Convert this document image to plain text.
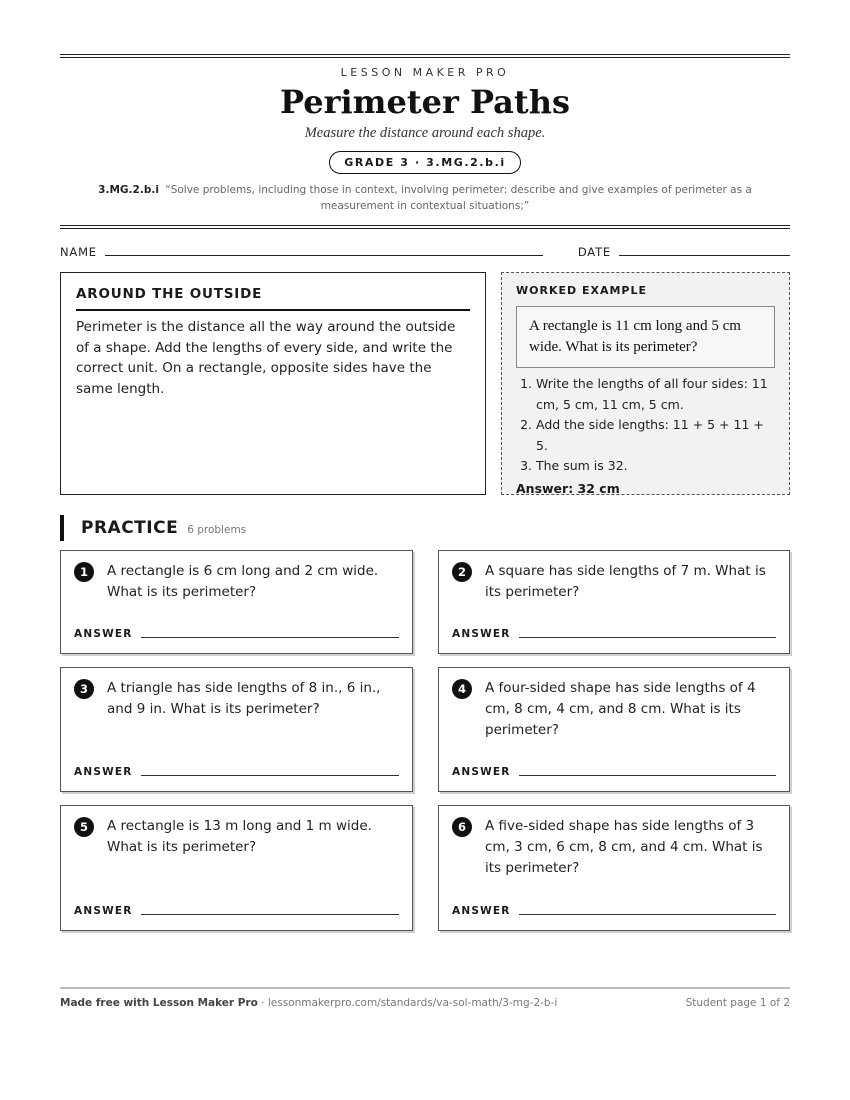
LESSON MAKER PRO
Perimeter Paths
Measure the distance around each shape.
GRADE 3 · 3.MG.2.b.i
3.MG.2.b.i “Solve problems, including those in context, involving perimeter: describe and give examples of perimeter as a measurement in contextual situations;”
NAME	DATE
AROUND THE OUTSIDE

Perimeter is the distance all the way around the outside of a shape. Add the lengths of every side, and write the correct unit. On a rectangle, opposite sides have the same length.

WORKED EXAMPLE
A rectangle is 11 cm long and 5 cm wide. What is its perimeter?
1. Write the lengths of all four sides: 11 cm, 5 cm, 11 cm, 5 cm.
2. Add the side lengths: 11 + 5 + 11 + 5.
3. The sum is 32.
Answer: 32 cm
PRACTICE 6 problems
1	A rectangle is 6 cm long and 2 cm wide. What is its perimeter?
ANSWER
2	A square has side lengths of 7 m. What is its perimeter?
ANSWER
3	A triangle has side lengths of 8 in., 6 in., and 9 in. What is its perimeter?
ANSWER
4	A four-sided shape has side lengths of 4 cm, 8 cm, 4 cm, and 8 cm. What is its perimeter?
ANSWER
5	A rectangle is 13 m long and 1 m wide. What is its perimeter?
ANSWER
6	A five-sided shape has side lengths of 3 cm, 3 cm, 6 cm, 8 cm, and 4 cm. What is its perimeter?
ANSWER
Made free with Lesson Maker Pro · lessonmakerpro.com/standards/va-sol-math/3-mg-2-b-i	Student page 1 of 2
